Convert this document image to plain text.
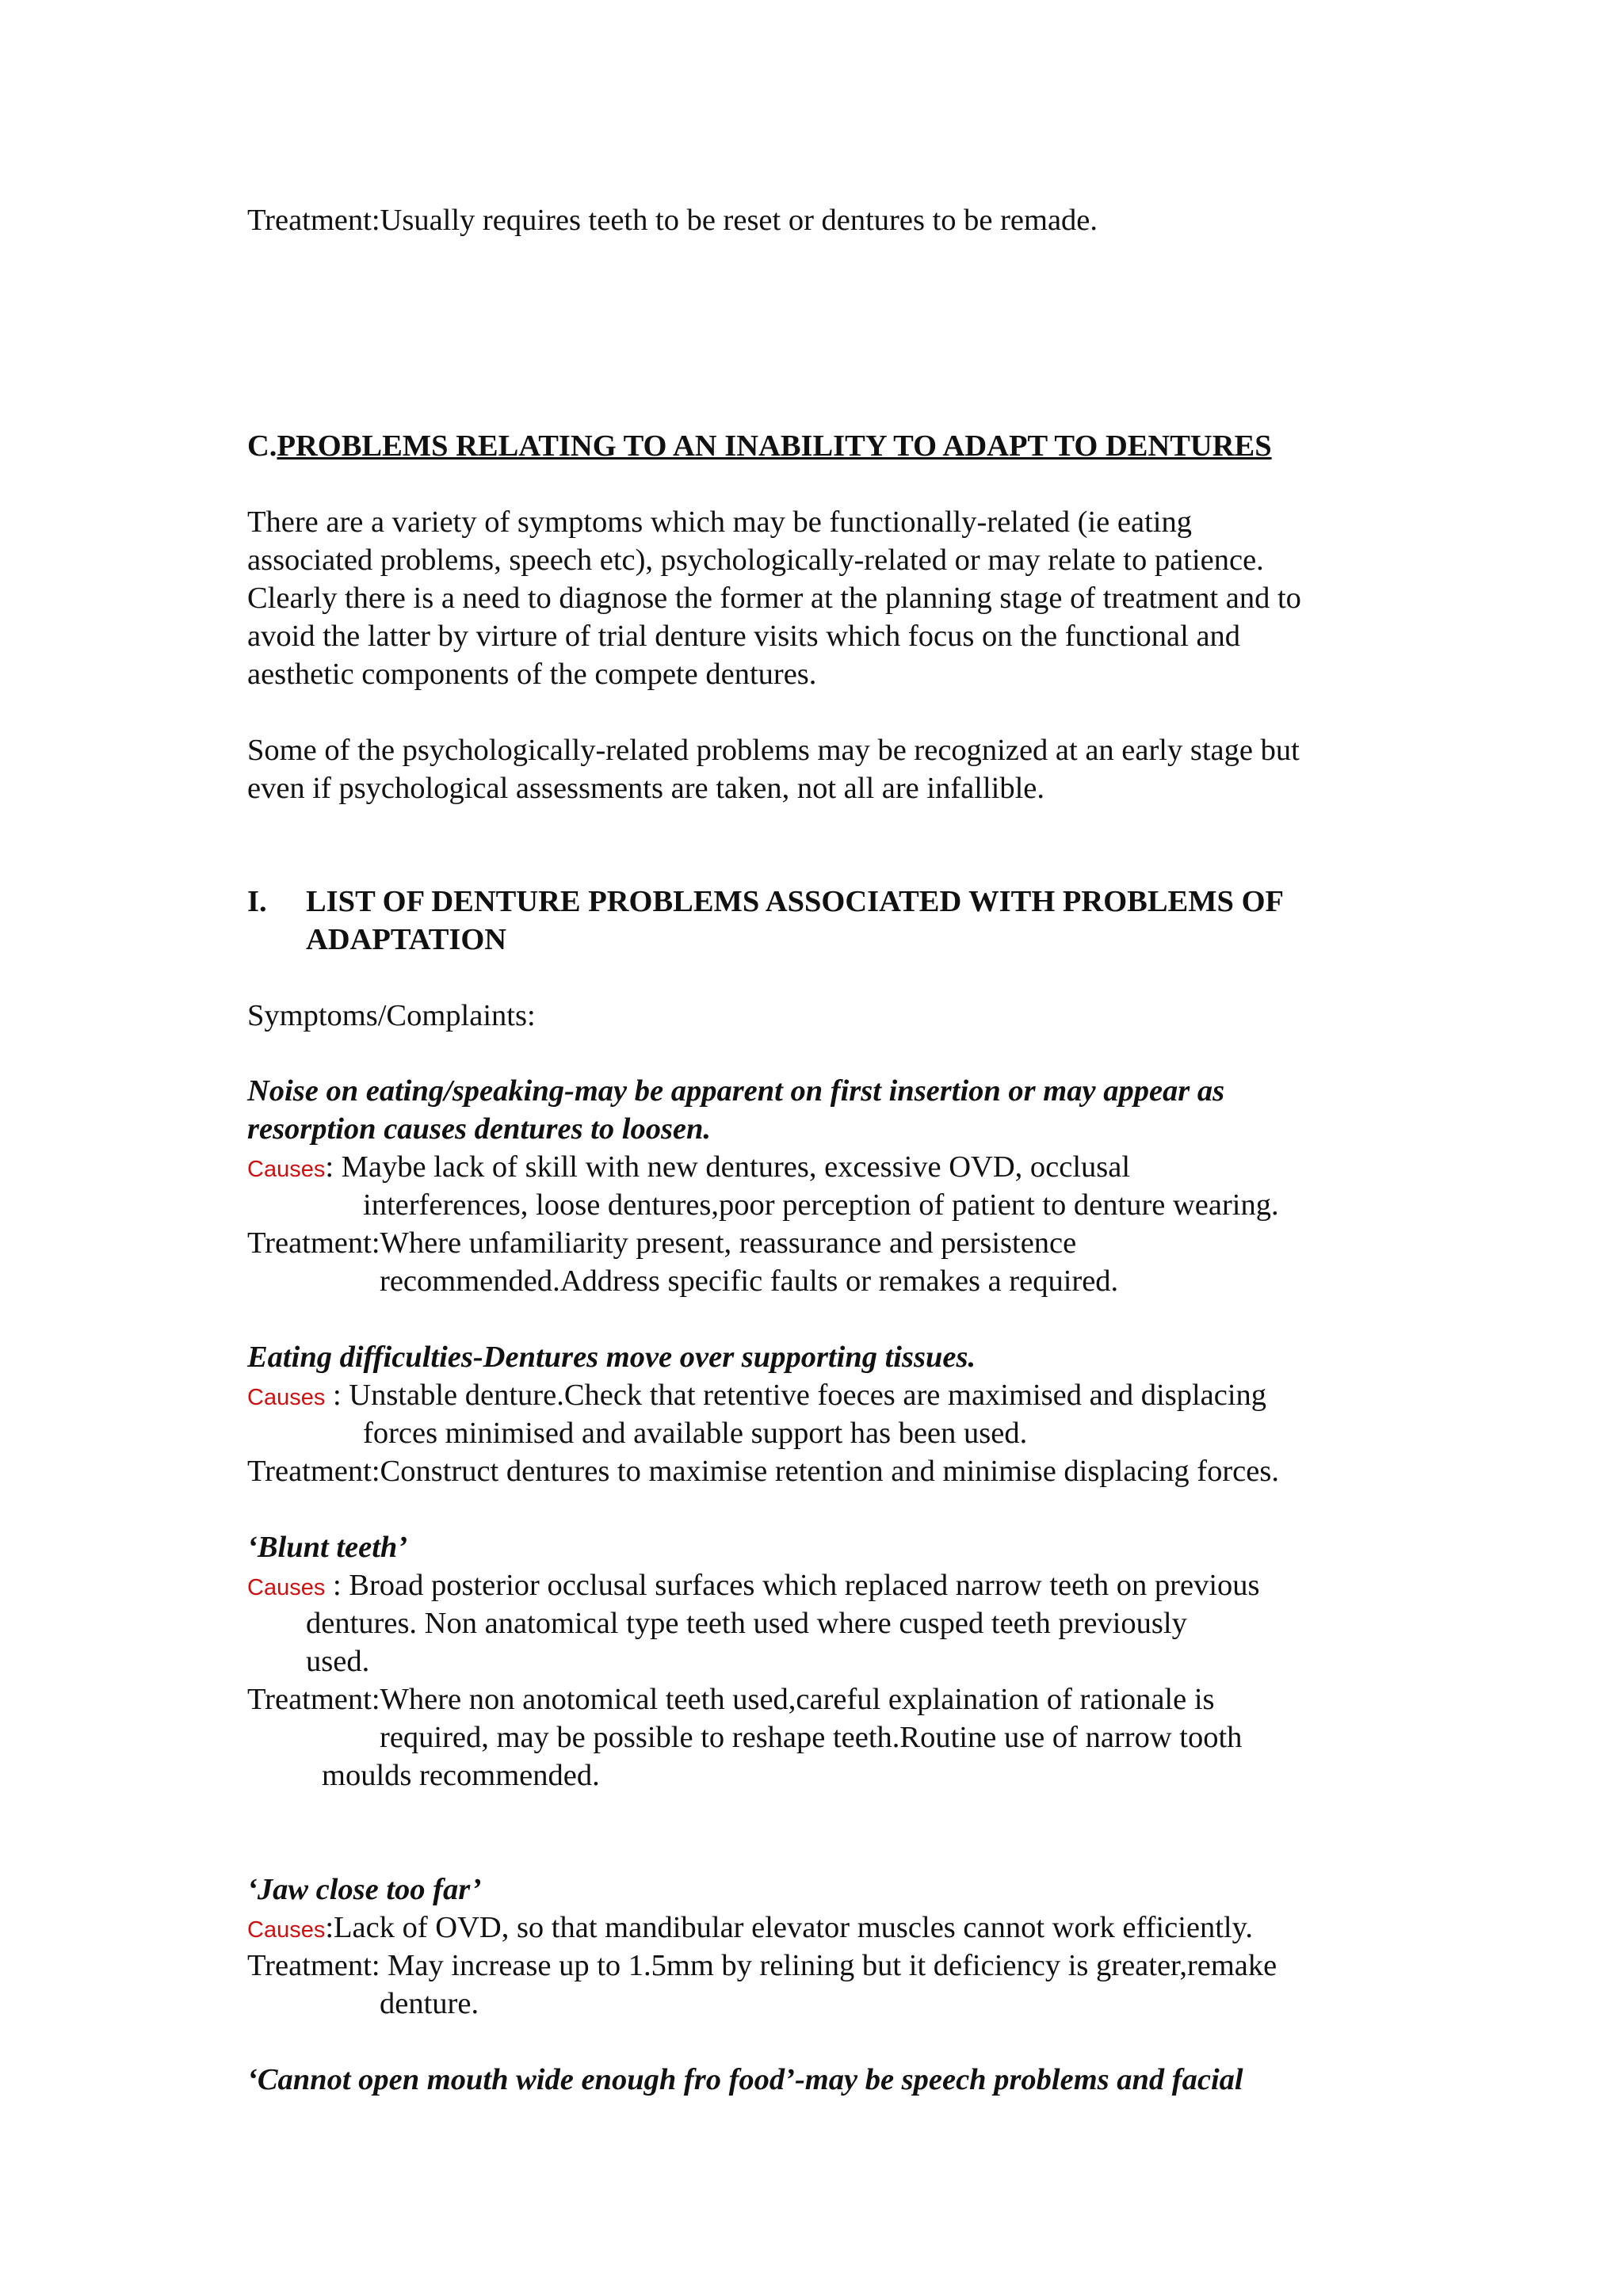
Treatment:Usually requires teeth to be reset or dentures to be remade.

C.PROBLEMS RELATING TO AN INABILITY TO ADAPT TO DENTURES

There are a variety of symptoms which may be functionally-related (ie eating

associated problems, speech etc), psychologically-related or may relate to patience.

Clearly there is a need to diagnose the former at the planning stage of treatment and to

avoid the latter by virture of trial denture visits which focus on the functional and

aesthetic components of the compete dentures.

Some of the psychologically-related problems may be recognized at an early stage but

even if psychological assessments are taken, not all are infallible.

I. LIST OF DENTURE PROBLEMS ASSOCIATED WITH PROBLEMS OF

ADAPTATION

Symptoms/Complaints:

Noise on eating/speaking-may be apparent on first insertion or may appear as

resorption causes dentures to loosen.

Causes: Maybe lack of skill with new dentures, excessive OVD, occlusal

interferences, loose dentures,poor perception of patient to denture wearing.

Treatment:Where unfamiliarity present, reassurance and persistence

recommended.Address specific faults or remakes a required.

Eating difficulties-Dentures move over supporting tissues.

Causes : Unstable denture.Check that retentive foeces are maximised and displacing

forces minimised and available support has been used.

Treatment:Construct dentures to maximise retention and minimise displacing forces.

‘Blunt teeth’

Causes : Broad posterior occlusal surfaces which replaced narrow teeth on previous

dentures. Non anatomical type teeth used where cusped teeth previously

used.

Treatment:Where non anotomical teeth used,careful explaination of rationale is

required, may be possible to reshape teeth.Routine use of narrow tooth

moulds recommended.

‘Jaw close too far’

Causes:Lack of OVD, so that mandibular elevator muscles cannot work efficiently.

Treatment: May increase up to 1.5mm by relining but it deficiency is greater,remake

denture.

‘Cannot open mouth wide enough fro food’-may be speech problems and facial
